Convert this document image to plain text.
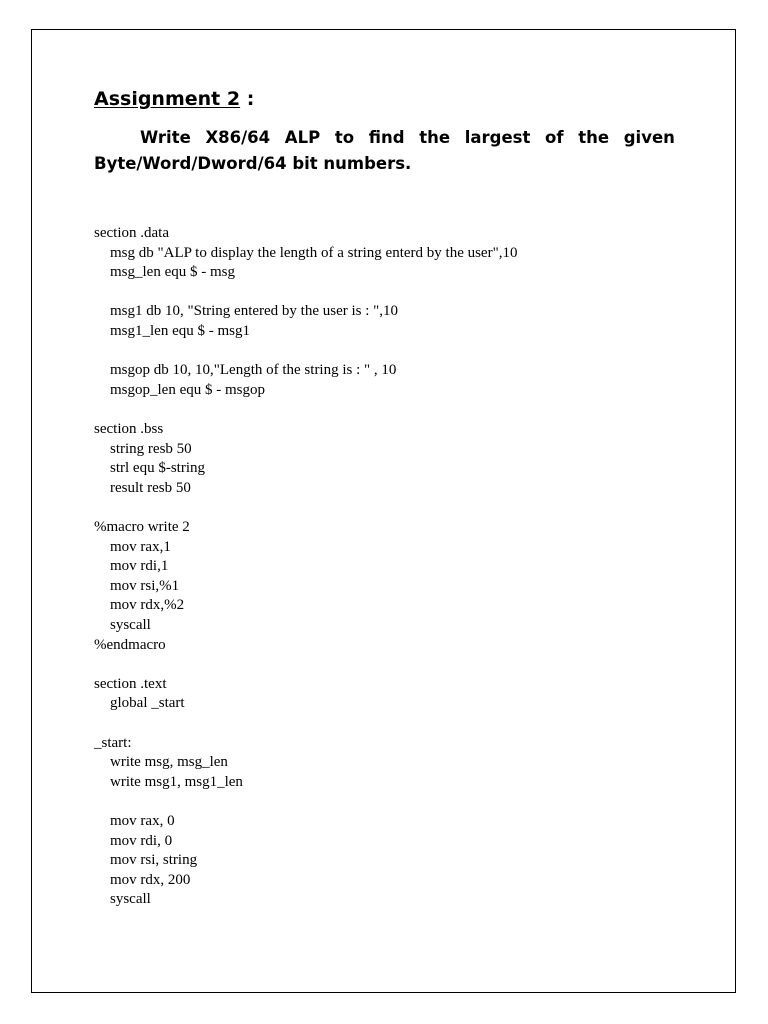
Assignment 2 :
Write X86/64 ALP to find the largest of the given
Byte/Word/Dword/64 bit numbers.
section .data
msg db "ALP to display the length of a string enterd by the user",10
msg_len equ $ - msg
msg1 db 10, "String entered by the user is : ",10
msg1_len equ $ - msg1
msgop db 10, 10,"Length of the string is : " , 10
msgop_len equ $ - msgop
section .bss
string resb 50
strl equ $-string
result resb 50
%macro write 2
mov rax,1
mov rdi,1
mov rsi,%1
mov rdx,%2
syscall
%endmacro
section .text
global _start
_start:
write msg, msg_len
write msg1, msg1_len
mov rax, 0
mov rdi, 0
mov rsi, string
mov rdx, 200
syscall
